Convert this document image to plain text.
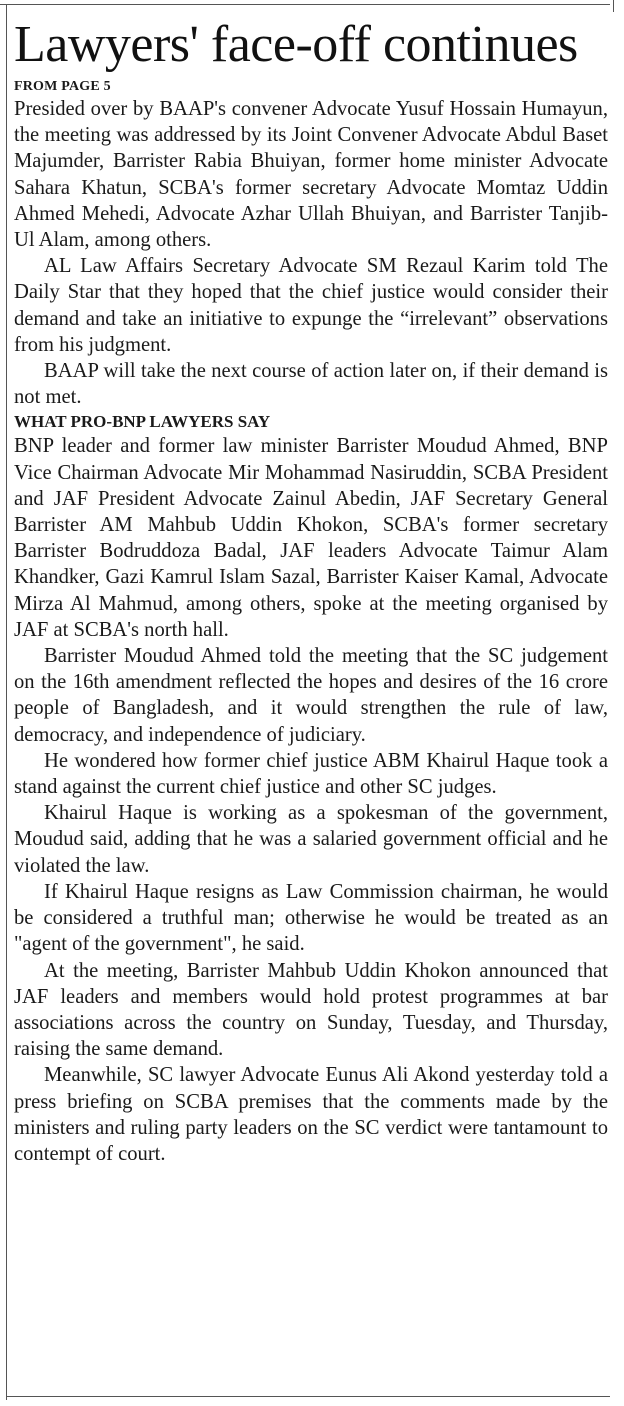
Lawyers' face-off continues
FROM PAGE 5

Presided over by BAAP's convener Advocate Yusuf Hossain Humayun, the meeting was addressed by its Joint Convener Advocate Abdul Baset Majumder, Barrister Rabia Bhuiyan, former home minister Advocate Sahara Khatun, SCBA's former secretary Advocate Momtaz Uddin Ahmed Mehedi, Advocate Azhar Ullah Bhuiyan, and Barrister Tanjib-Ul Alam, among others.

AL Law Affairs Secretary Advocate SM Rezaul Karim told The Daily Star that they hoped that the chief justice would consider their demand and take an initiative to expunge the “irrelevant” observations from his judgment.

BAAP will take the next course of action later on, if their demand is not met.

WHAT PRO-BNP LAWYERS SAY

BNP leader and former law minister Barrister Moudud Ahmed, BNP Vice Chairman Advocate Mir Mohammad Nasiruddin, SCBA President and JAF President Advocate Zainul Abedin, JAF Secretary General Barrister AM Mahbub Uddin Khokon, SCBA's former secretary Barrister Bodruddoza Badal, JAF leaders Advocate Taimur Alam Khandker, Gazi Kamrul Islam Sazal, Barrister Kaiser Kamal, Advocate Mirza Al Mahmud, among others, spoke at the meeting organised by JAF at SCBA's north hall.

Barrister Moudud Ahmed told the meeting that the SC judgement on the 16th amendment reflected the hopes and desires of the 16 crore people of Bangladesh, and it would strengthen the rule of law, democracy, and independence of judiciary.

He wondered how former chief justice ABM Khairul Haque took a stand against the current chief justice and other SC judges.

Khairul Haque is working as a spokesman of the government, Moudud said, adding that he was a salaried government official and he violated the law.

If Khairul Haque resigns as Law Commission chairman, he would be considered a truthful man; otherwise he would be treated as an "agent of the government", he said.

At the meeting, Barrister Mahbub Uddin Khokon announced that JAF leaders and members would hold protest programmes at bar associations across the country on Sunday, Tuesday, and Thursday, raising the same demand.

Meanwhile, SC lawyer Advocate Eunus Ali Akond yesterday told a press briefing on SCBA premises that the comments made by the ministers and ruling party leaders on the SC verdict were tantamount to contempt of court.
